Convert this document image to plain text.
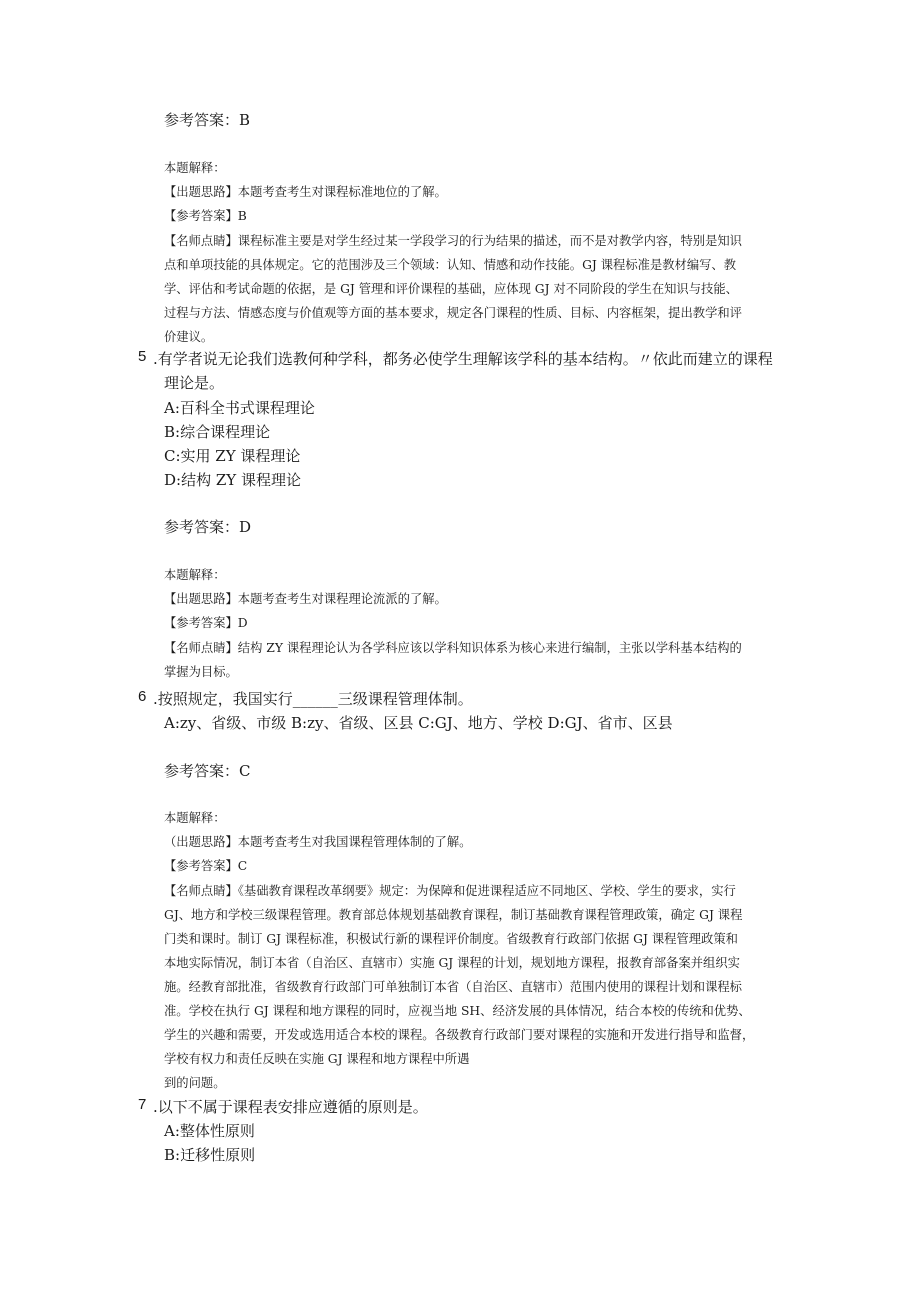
参考答案：B
本题解释：
【出题思路】本题考查考生对课程标准地位的了解。
【参考答案】B
【名师点睛】课程标准主要是对学生经过某一学段学习的行为结果的描述，而不是对教学内容，特别是知识
点和单项技能的具体规定。它的范围涉及三个领域：认知、情感和动作技能。GJ 课程标准是教材编写、教
学、评估和考试命题的依据，是 GJ 管理和评价课程的基础，应体现 GJ 对不同阶段的学生在知识与技能、
过程与方法、情感态度与价值观等方面的基本要求，规定各门课程的性质、目标、内容框架，提出教学和评
价建议。
5 .有学者说无论我们选教何种学科，都务必使学生理解该学科的基本结构。〃依此而建立的课程
理论是。
A:百科全书式课程理论
B:综合课程理论
C:实用 ZY 课程理论
D:结构 ZY 课程理论
参考答案：D
本题解释：
【出题思路】本题考查考生对课程理论流派的了解。
【参考答案】D
【名师点睛】结构 ZY 课程理论认为各学科应该以学科知识体系为核心来进行编制，主张以学科基本结构的
掌握为目标。
6 .按照规定，我国实行______三级课程管理体制。
A:zy、省级、市级 B:zy、省级、区县 C:GJ、地方、学校 D:GJ、省市、区县
参考答案：C
本题解释：
（出题思路】本题考查考生对我国课程管理体制的了解。
【参考答案】C
【名师点睛】《基础教育课程改革纲要》规定：为保障和促进课程适应不同地区、学校、学生的要求，实行
GJ、地方和学校三级课程管理。教育部总体规划基础教育课程，制订基础教育课程管理政策，确定 GJ 课程
门类和课时。制订 GJ 课程标准，积极试行新的课程评价制度。省级教育行政部门依据 GJ 课程管理政策和
本地实际情况，制订本省（自治区、直辖市）实施 GJ 课程的计划，规划地方课程，报教育部备案并组织实
施。经教育部批准，省级教育行政部门可单独制订本省（自治区、直辖市）范围内使用的课程计划和课程标
准。学校在执行 GJ 课程和地方课程的同时，应视当地 SH、经济发展的具体情况，结合本校的传统和优势、
学生的兴趣和需要，开发或选用适合本校的课程。各级教育行政部门要对课程的实施和开发进行指导和监督，
学校有权力和责任反映在实施 GJ 课程和地方课程中所遇
到的问题。
7 .以下不属于课程表安排应遵循的原则是。
A:整体性原则
B:迁移性原则
